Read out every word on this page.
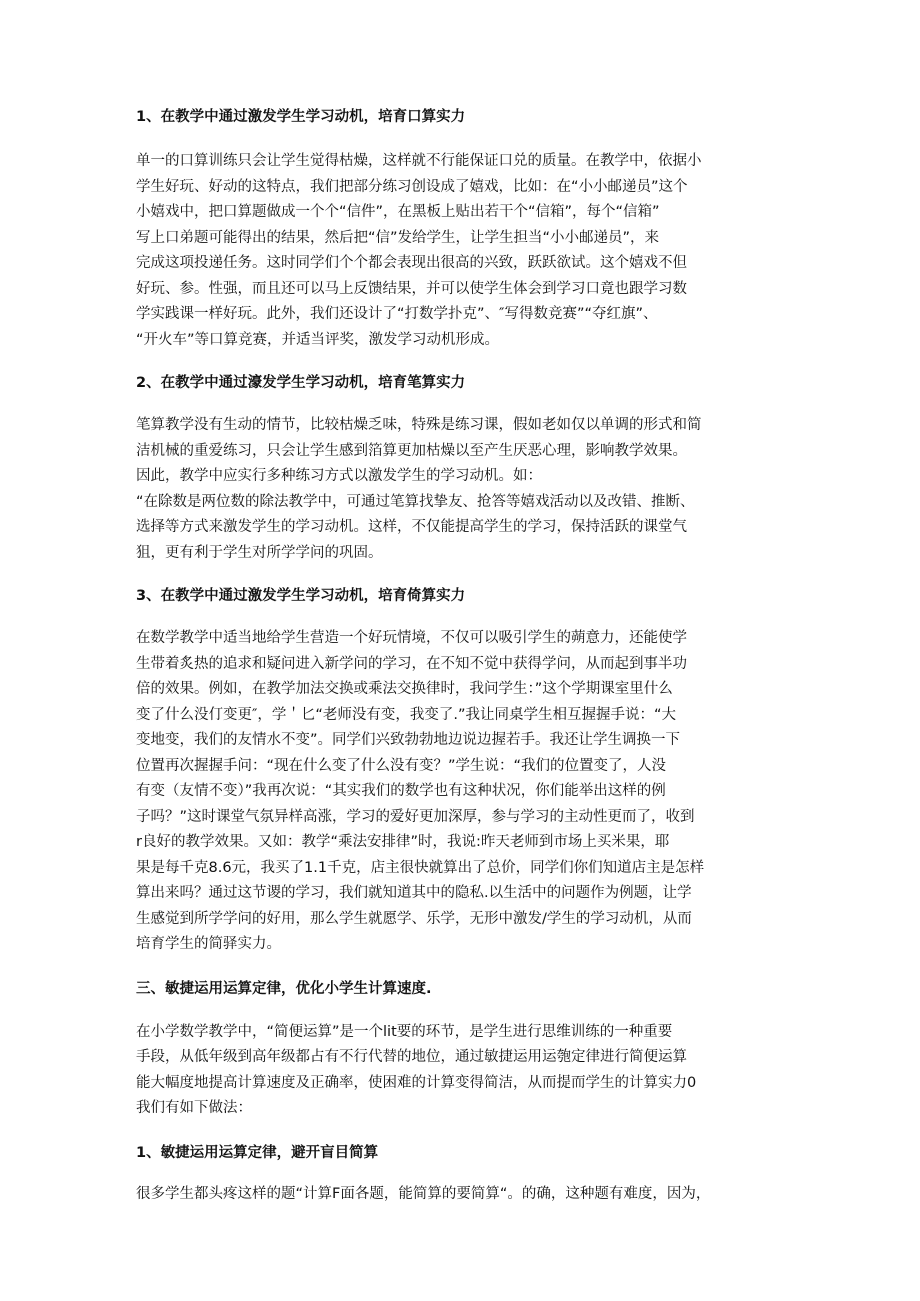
1、在教学中通过激发学生学习动机，培育口算实力
单一的口算训练只会让学生觉得枯燥，这样就不行能保证口兑的质量。在教学中，依据小
学生好玩、好动的这特点，我们把部分练习创设成了嬉戏，比如：在“小小邮递员”这个
小嬉戏中，把口算题做成一个个“信件”，在黑板上贴出若干个“信箱”，每个“信箱”
写上口弟题可能得出的结果，然后把“信”发给学生，让学生担当“小小邮递员”，来
完成这项投递任务。这时同学们个个都会表现出很高的兴致，跃跃欲试。这个嬉戏不但
好玩、参。性强，而且还可以马上反馈结果，并可以使学生体会到学习口竟也跟学习数
学实践课一样好玩。此外，我们还设计了“打数学扑克”、″写得数竞赛”“夺红旗”、
“开火车”等口算竞赛，并适当评奖，激发学习动机形成。
2、在教学中通过濠发学生学习动机，培育笔算实力
笔算教学没有生动的情节，比较枯燥乏味，特殊是练习课，假如老如仅以单调的形式和简
洁机械的重爱练习，只会让学生感到箔算更加枯燥以至产生厌恶心理，影响教学效果。
因此，教学中应实行多种练习方式以激发学生的学习动机。如：
“在除数是两位数的除法教学中，可通过笔算找挚友、抢答等嬉戏活动以及改错、推断、
选择等方式来激发学生的学习动机。这样，不仅能提高学生的学习，保持活跃的课堂气
狙，更有利于学生对所学学问的巩固。
3、在教学中通过激发学生学习动机，培育倚算实力
在数学教学中适当地给学生营造一个好玩情境，不仅可以吸引学生的蒴意力，还能使学
生带着炙热的追求和疑问进入新学问的学习，在不知不觉中获得学问，从而起到事半功
倍的效果。例如，在教学加法交换或乘法交换律时，我问学生：”这个学期课室里什么
变了什么没仃变更″，学＇匕“老师没有变，我变了.”我让同桌学生相互握握手说：“大
变地变，我们的友情水不变”。同学们兴致勃勃地边说边握若手。我还让学生调换一下
位置再次握握手问：“现在什么变了什么没有变？”学生说：“我们的位置变了，人没
有变（友情不变）”我再次说：“其实我们的数学也有这种状况，你们能举出这样的例
子吗？”这时课堂气氛异样高涨，学习的爱好更加深厚，参与学习的主动性更而了，收到
r良好的教学效果。又如：教学“乘法安排律”时，我说:昨天老师到市场上买米果，耶
果是每千克8.6元，我买了1.1千克，店主很快就算出了总价，同学们你们知道店主是怎样
算出来吗？通过这节谡的学习，我们就知道其中的隐私.以生活中的问题作为例题，让学
生感觉到所学学问的好用，那么学生就愿学、乐学，无形中激发/学生的学习动机，从而
培育学生的简驿实力。
三、敏捷运用运算定律，优化小学生计算速度.
在小学数学教学中，“简便运算”是一个lit要的环节，是学生进行思维训练的一种重要
手段，从低年级到高年级都占有不行代替的地位，通过敏捷运用运匏定律进行简便运算
能大幅度地提高计算速度及正确率，使困难的计算变得简洁，从而提而学生的计算实力0
我们有如下做法：
1、敏捷运用运算定律，避开盲目简算
很多学生都头疼这样的题“计算F面各题，能简算的要简算“。的确，这种题有难度，因为，
